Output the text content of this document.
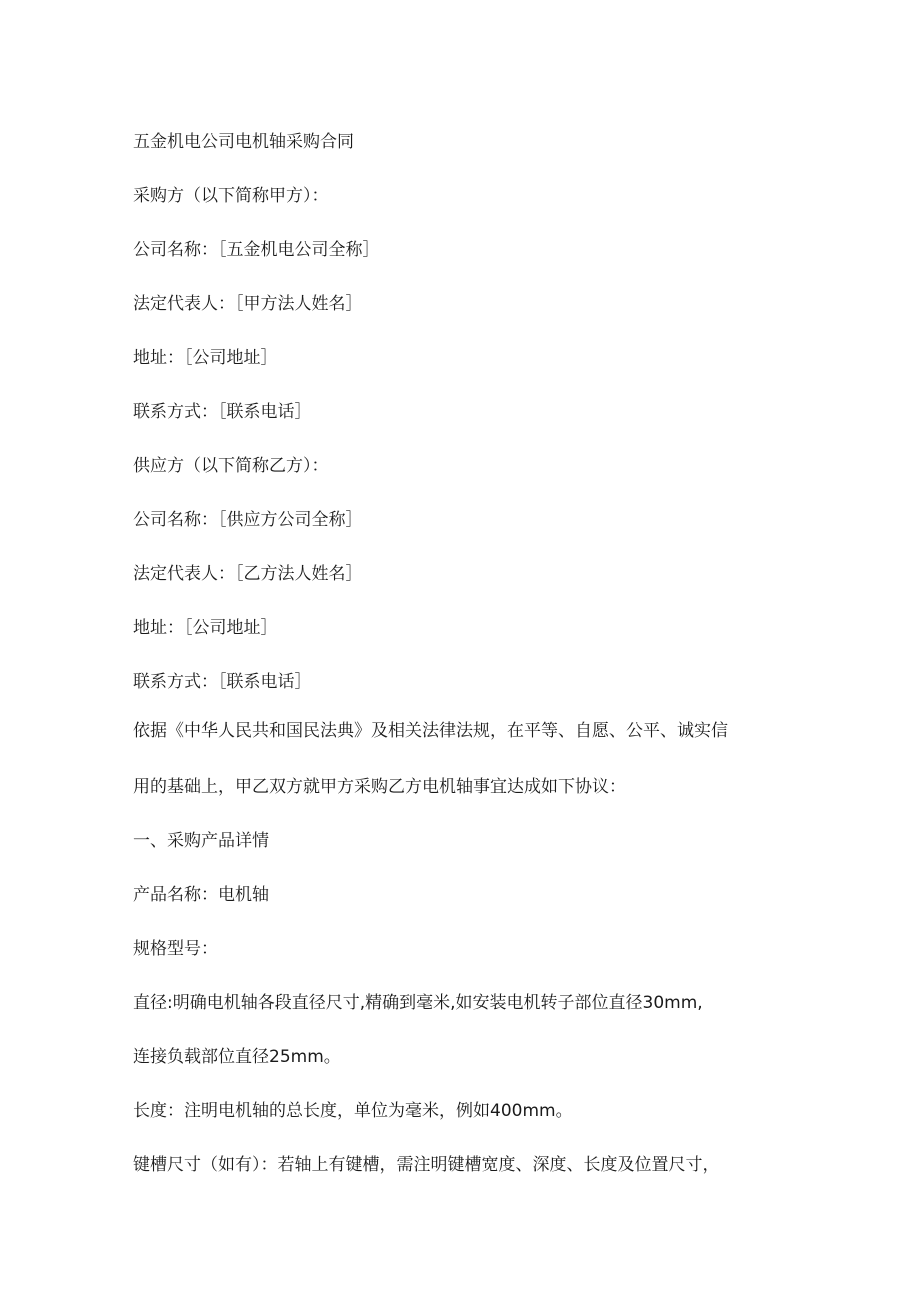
五金机电公司电机轴采购合同
采购方（以下简称甲方）：
公司名称：［五金机电公司全称］
法定代表人：［甲方法人姓名］
地址：［公司地址］
联系方式：［联系电话］
供应方（以下简称乙方）：
公司名称：［供应方公司全称］
法定代表人：［乙方法人姓名］
地址：［公司地址］
联系方式：［联系电话］
依据《中华人民共和国民法典》及相关法律法规，在平等、自愿、公平、诚实信
用的基础上，甲乙双方就甲方采购乙方电机轴事宜达成如下协议：
一、采购产品详情
产品名称：电机轴
规格型号：
直径:明确电机轴各段直径尺寸,精确到毫米,如安装电机转子部位直径30mm,
连接负载部位直径25mm。
长度：注明电机轴的总长度，单位为毫米，例如400mm。
键槽尺寸（如有）：若轴上有键槽，需注明键槽宽度、深度、长度及位置尺寸，
